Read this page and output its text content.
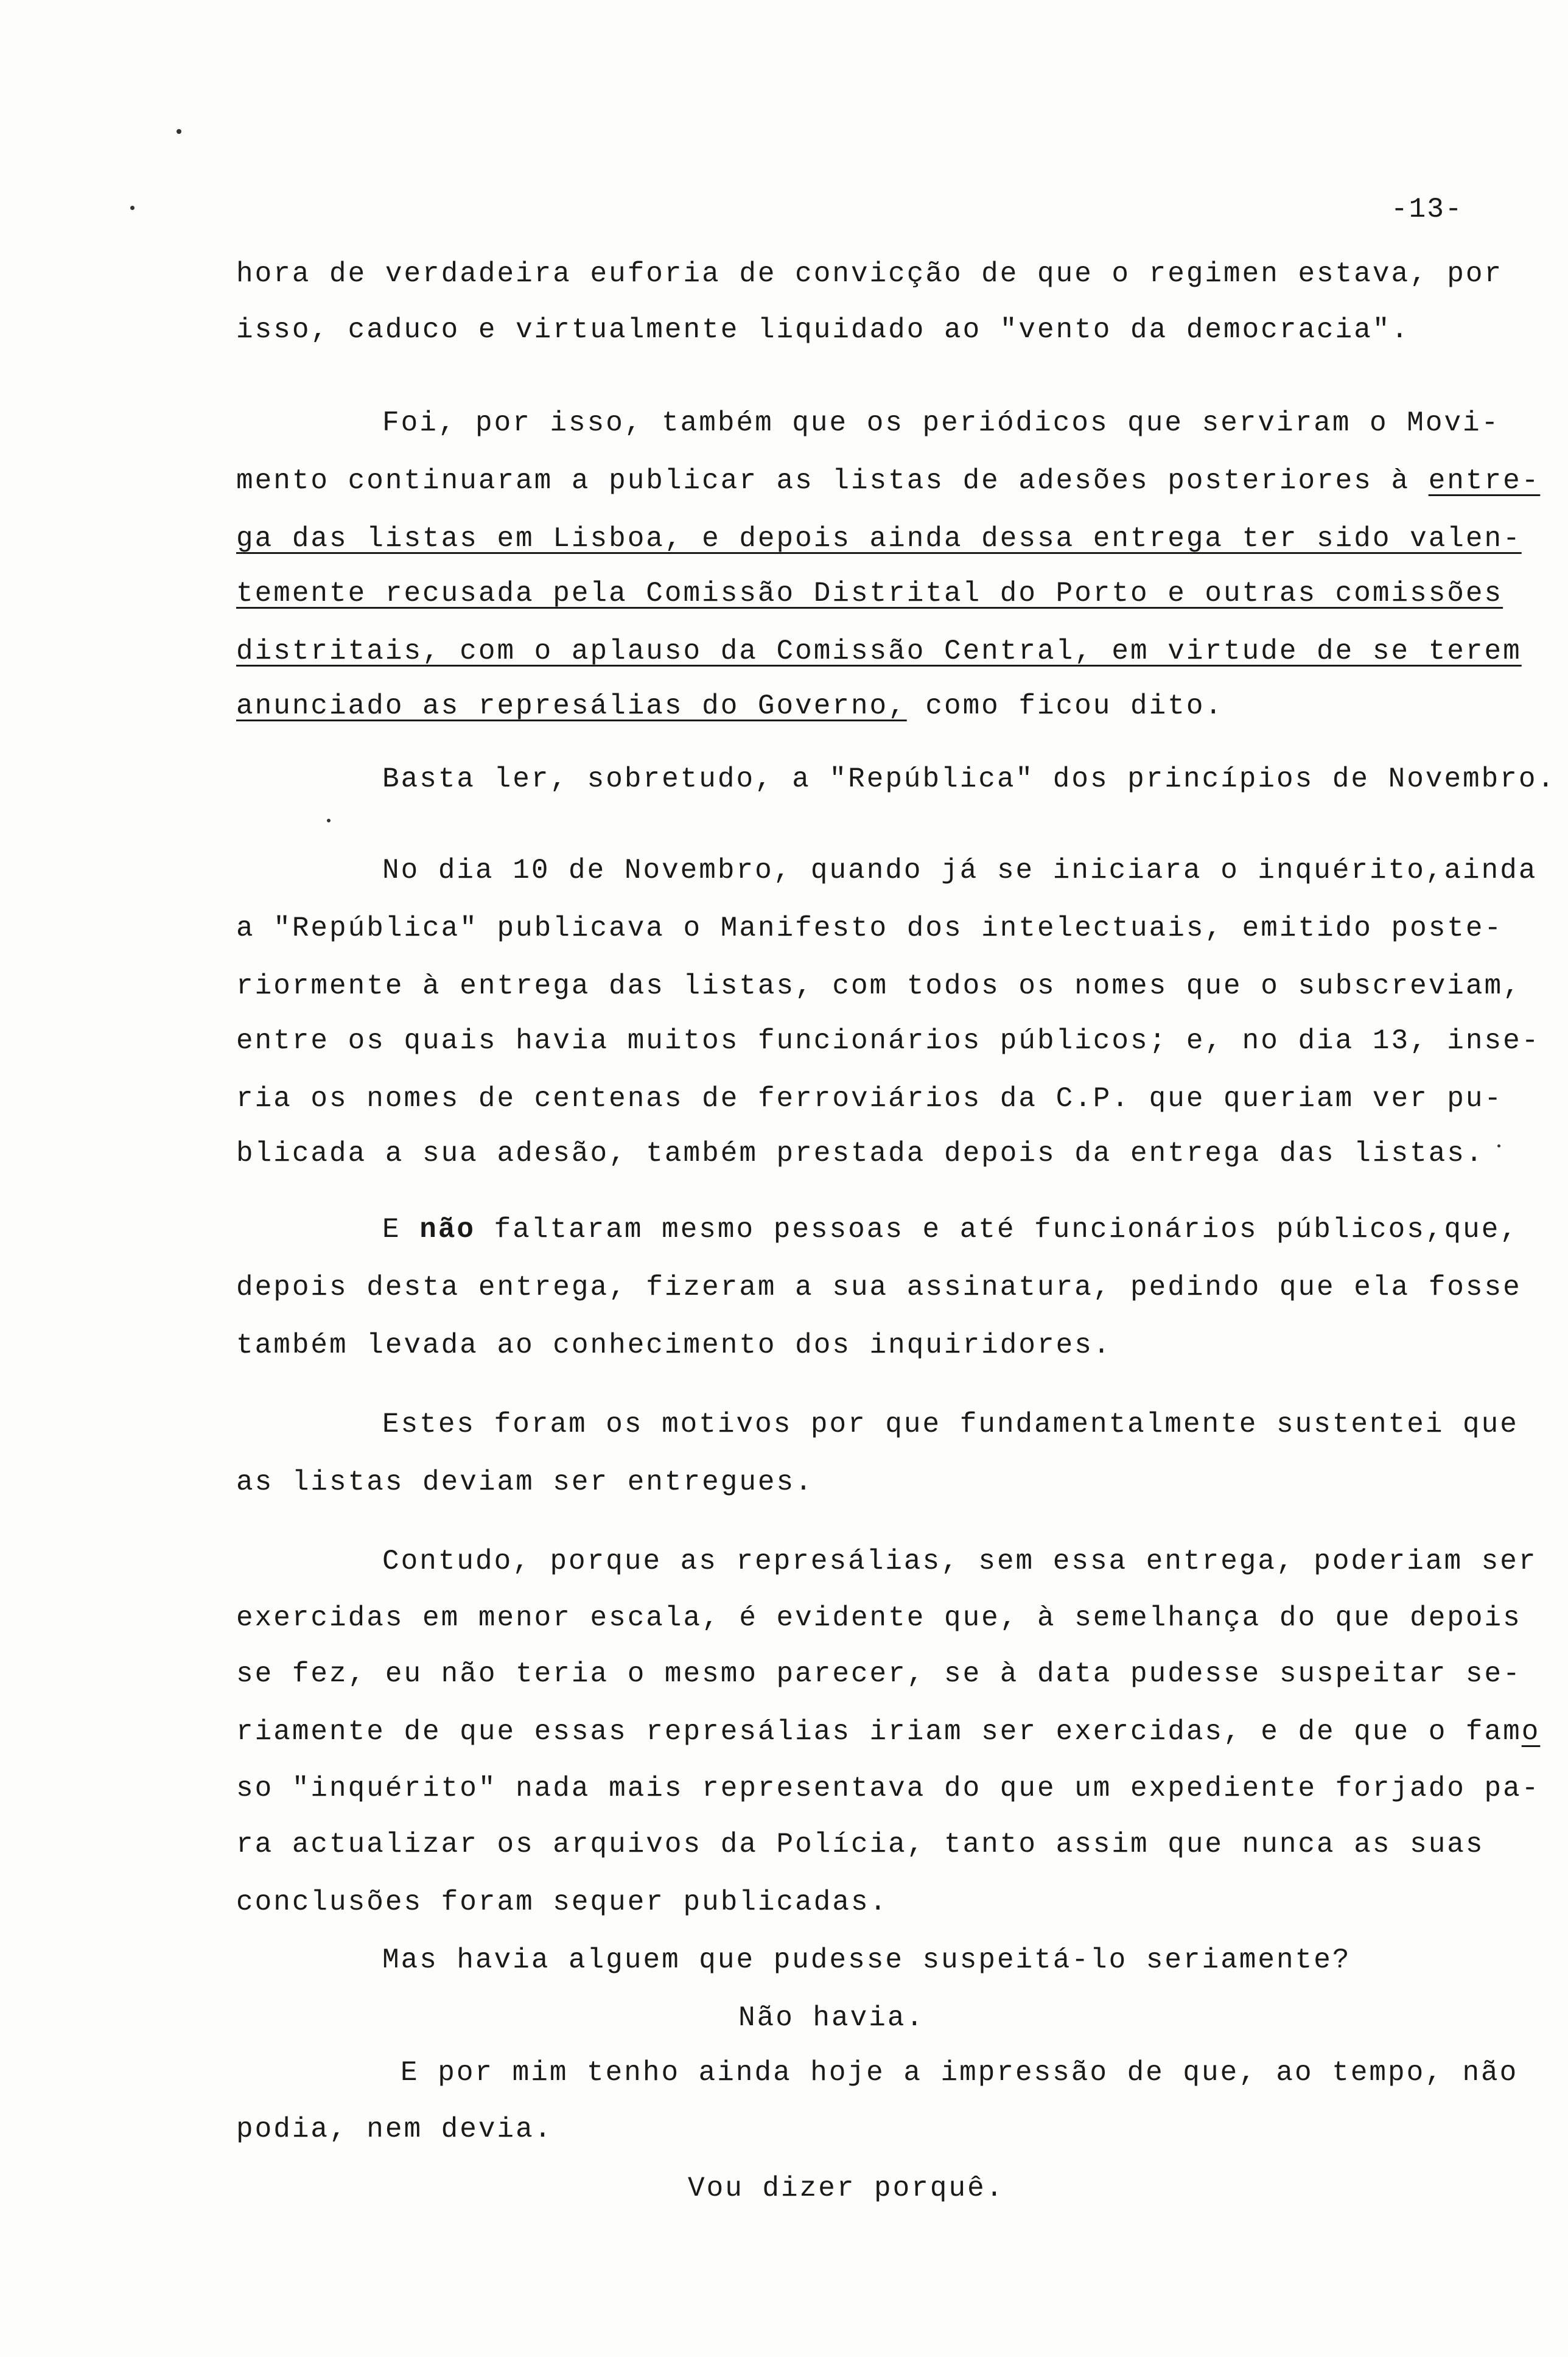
-13-
hora de verdadeira euforia de convicção de que o regimen estava, por
isso, caduco e virtualmente liquidado ao "vento da democracia".
Foi, por isso, também que os periódicos que serviram o Movi-
mento continuaram a publicar as listas de adesões posteriores à entre-
ga das listas em Lisboa, e depois ainda dessa entrega ter sido valen-
temente recusada pela Comissão Distrital do Porto e outras comissões
distritais, com o aplauso da Comissão Central, em virtude de se terem
anunciado as represálias do Governo, como ficou dito.
Basta ler, sobretudo, a "República" dos princípios de Novembro.
No dia 10 de Novembro, quando já se iniciara o inquérito,ainda
a "República" publicava o Manifesto dos intelectuais, emitido poste-
riormente à entrega das listas, com todos os nomes que o subscreviam,
entre os quais havia muitos funcionários públicos; e, no dia 13, inse-
ria os nomes de centenas de ferroviários da C.P. que queriam ver pu-
blicada a sua adesão, também prestada depois da entrega das listas.
E não faltaram mesmo pessoas e até funcionários públicos,que,
depois desta entrega, fizeram a sua assinatura, pedindo que ela fosse
também levada ao conhecimento dos inquiridores.
Estes foram os motivos por que fundamentalmente sustentei que
as listas deviam ser entregues.
Contudo, porque as represálias, sem essa entrega, poderiam ser
exercidas em menor escala, é evidente que, à semelhança do que depois
se fez, eu não teria o mesmo parecer, se à data pudesse suspeitar se-
riamente de que essas represálias iriam ser exercidas, e de que o famo
so "inquérito" nada mais representava do que um expediente forjado pa-
ra actualizar os arquivos da Polícia, tanto assim que nunca as suas
conclusões foram sequer publicadas.
Mas havia alguem que pudesse suspeitá-lo seriamente?
Não havia.
E por mim tenho ainda hoje a impressão de que, ao tempo, não
podia, nem devia.
Vou dizer porquê.
